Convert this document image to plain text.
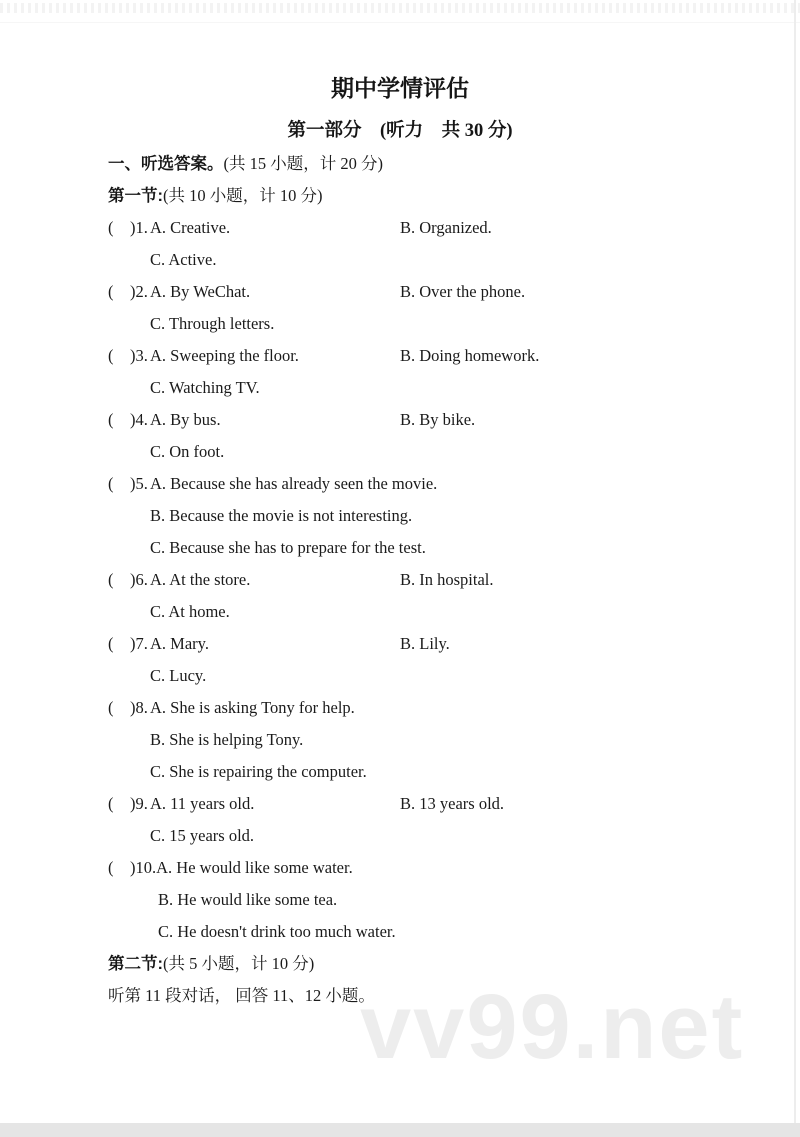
期中学情评估
第一部分　(听力　共 30 分)
一、听选答案。(共 15 小题，计 20 分)
第一节:(共 10 小题，计 10 分)
(  )1.A. Creative.	B. Organized.
C. Active.
(  )2.A. By WeChat.	B. Over the phone.
C. Through letters.
(  )3.A. Sweeping the floor.	B. Doing homework.
C. Watching TV.
(  )4.A. By bus.	B. By bike.
C. On foot.
(  )5.A. Because she has already seen the movie.
B. Because the movie is not interesting.
C. Because she has to prepare for the test.
(  )6.A. At the store.	B. In hospital.
C. At home.
(  )7.A. Mary.	B. Lily.
C. Lucy.
(  )8.A. She is asking Tony for help.
B. She is helping Tony.
C. She is repairing the computer.
(  )9.A. 11 years old.	B. 13 years old.
C. 15 years old.
(  )10.A. He would like some water.
B. He would like some tea.
C. He doesn't drink too much water.
第二节:(共 5 小题，计 10 分)
听第 11 段对话， 回答 11、12 小题。
vv99.net
